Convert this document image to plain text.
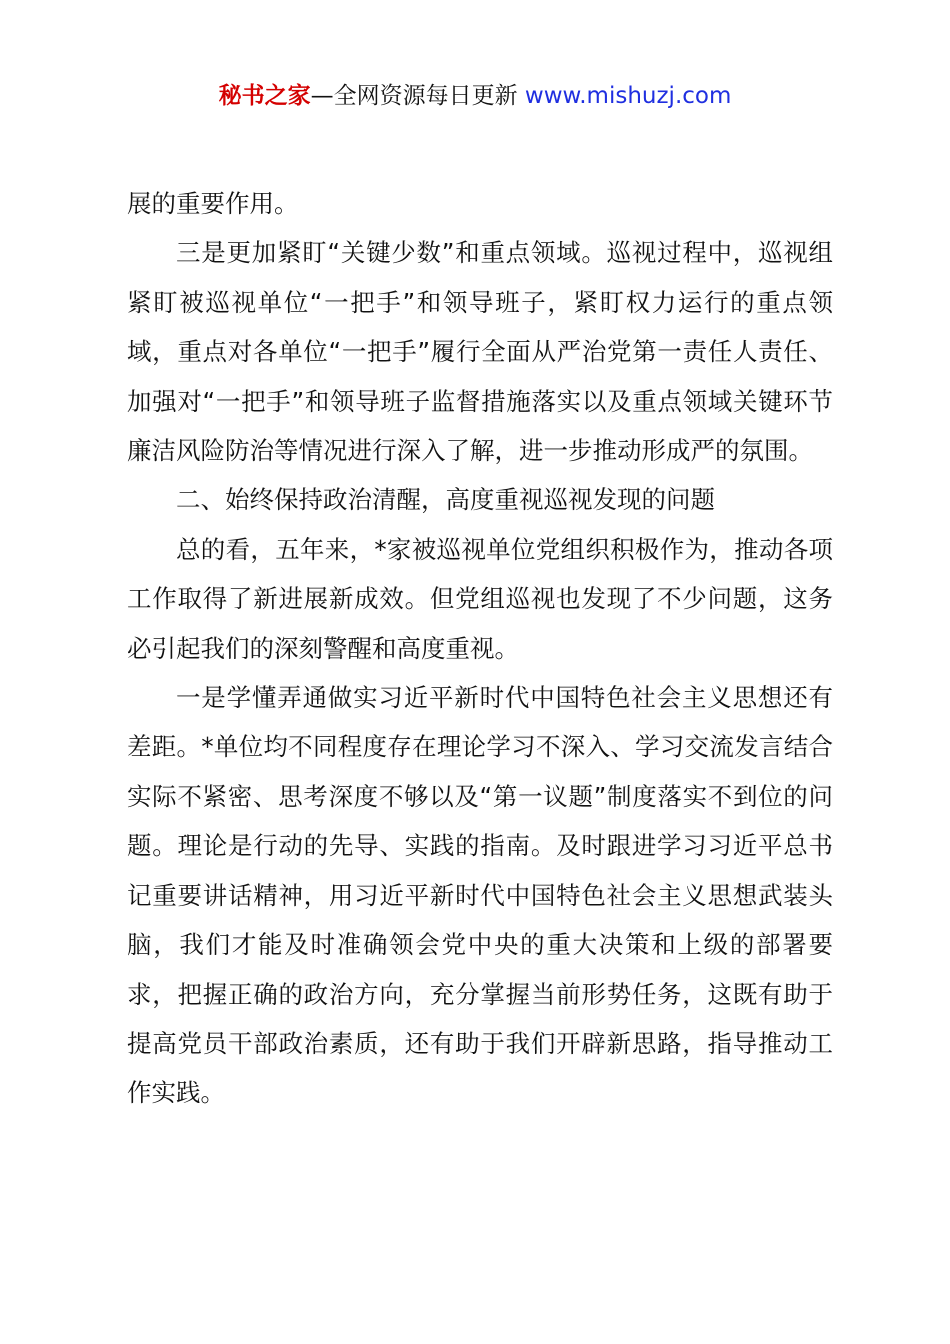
秘书之家—全网资源每日更新 www.mishuzj.com

展的重要作用。

三是更加紧盯“关键少数”和重点领域。巡视过程中，巡视组紧盯被巡视单位“一把手”和领导班子，紧盯权力运行的重点领域，重点对各单位“一把手”履行全面从严治党第一责任人责任、加强对“一把手”和领导班子监督措施落实以及重点领域关键环节廉洁风险防治等情况进行深入了解，进一步推动形成严的氛围。

二、始终保持政治清醒，高度重视巡视发现的问题

总的看，五年来，*家被巡视单位党组织积极作为，推动各项工作取得了新进展新成效。但党组巡视也发现了不少问题，这务必引起我们的深刻警醒和高度重视。

一是学懂弄通做实习近平新时代中国特色社会主义思想还有差距。*单位均不同程度存在理论学习不深入、学习交流发言结合实际不紧密、思考深度不够以及“第一议题”制度落实不到位的问题。理论是行动的先导、实践的指南。及时跟进学习习近平总书记重要讲话精神，用习近平新时代中国特色社会主义思想武装头脑，我们才能及时准确领会党中央的重大决策和上级的部署要求，把握正确的政治方向，充分掌握当前形势任务，这既有助于提高党员干部政治素质，还有助于我们开辟新思路，指导推动工作实践。
